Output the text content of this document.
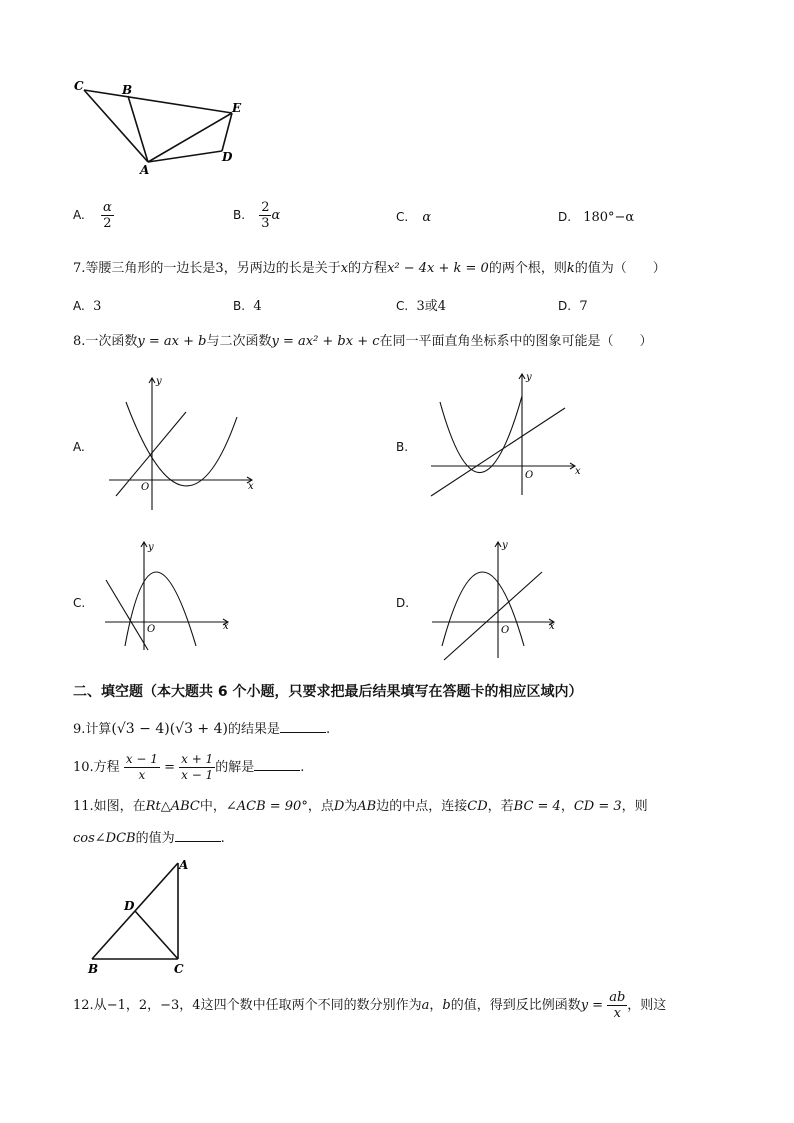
C	B
E
D
A
A. $\frac{\alpha}{2}$	B. $\frac{2}{3}$ α	C. α	D. 180°−α
7.等腰三角形的一边长是3，另两边的长是关于x的方程x² − 4x + k = 0的两个根，则k的值为（　　）
A. 3	B. 4	C. 3或4	D. 7
8.一次函数y = ax + b与二次函数y = ax² + bx + c在同一平面直角坐标系中的图象可能是（　　）
A.
y
x
O
B.
y
x
O
C.
y
x
O
D.
y
x
O
二、填空题（本大题共 6 个小题，只要求把最后结果填写在答题卡的相应区域内）
9.计算(√3 − 4)(√3 + 4)的结果是	.
10.方程 $\frac{x - 1}{x} = \frac{x + 1}{x - 1}$ 的解是	.
11.如图，在Rt△ABC中，∠ACB = 90°，点D为AB边的中点，连接CD，若BC = 4，CD = 3，则
cos∠DCB的值为	.
A
D
B	C
12.从−1，2，−3，4这四个数中任取两个不同的数分别作为a，b的值，得到反比例函数$y = \frac{ab}{x}$ ，则这
